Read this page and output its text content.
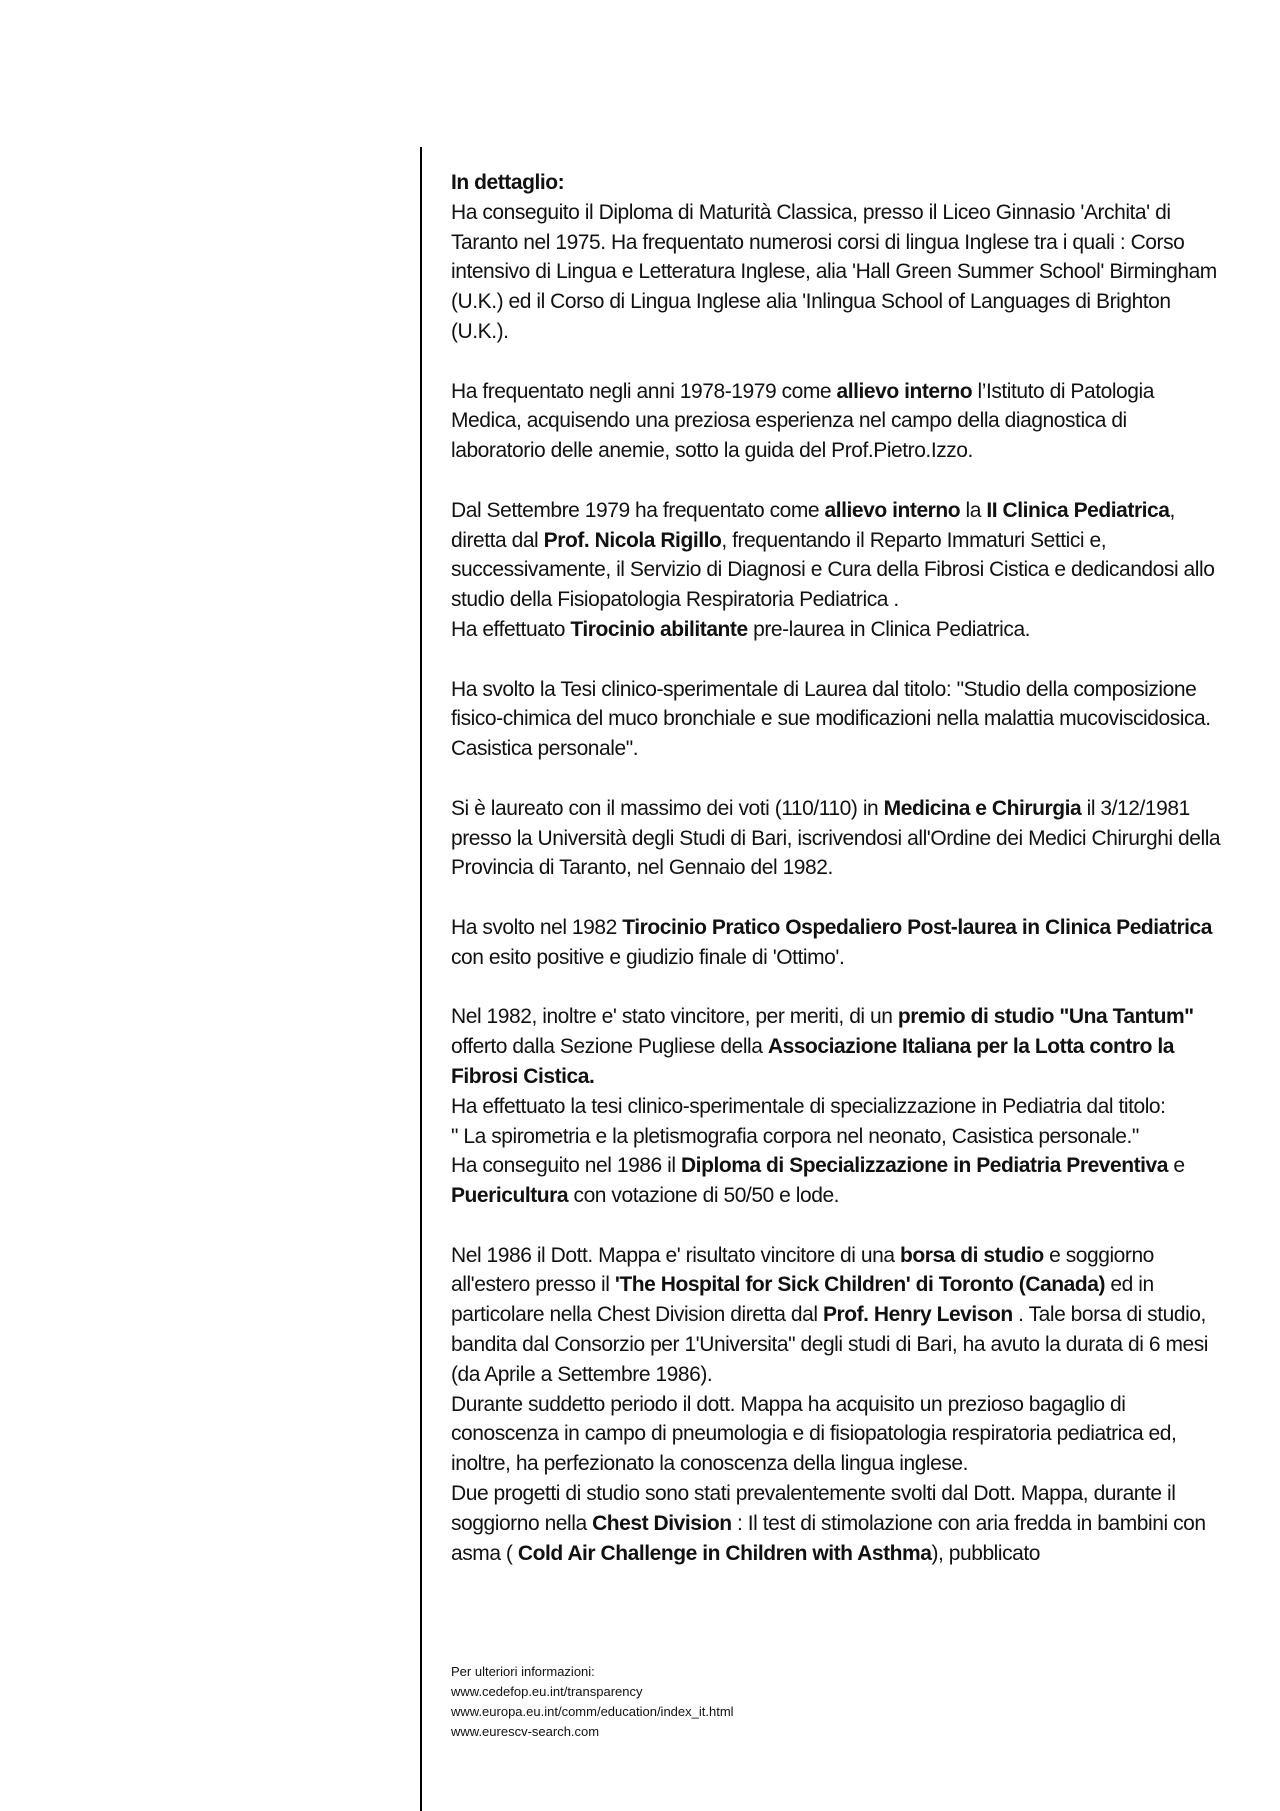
In dettaglio:

Ha conseguito il Diploma di Maturità Classica, presso il Liceo Ginnasio 'Archita' di Taranto nel 1975. Ha frequentato numerosi corsi di lingua Inglese tra i quali : Corso intensivo di Lingua e Letteratura Inglese, alia 'Hall Green Summer School' Birmingham (U.K.) ed il Corso di Lingua Inglese alia 'Inlingua School of Languages di Brighton (U.K.).

Ha frequentato negli anni 1978-1979 come allievo interno l’Istituto di Patologia Medica, acquisendo una preziosa esperienza nel campo della diagnostica di laboratorio delle anemie, sotto la guida del Prof.Pietro.Izzo.

Dal Settembre 1979 ha frequentato come allievo interno la II Clinica Pediatrica, diretta dal Prof. Nicola Rigillo, frequentando il Reparto Immaturi Settici e, successivamente, il Servizio di Diagnosi e Cura della Fibrosi Cistica e dedicandosi allo studio della Fisiopatologia Respiratoria Pediatrica .

Ha effettuato Tirocinio abilitante pre-laurea in Clinica Pediatrica.

Ha svolto la Tesi clinico-sperimentale di Laurea dal titolo: "Studio della composizione fisico-chimica del muco bronchiale e sue modificazioni nella malattia mucoviscidosica. Casistica personale".

Si è laureato con il massimo dei voti (110/110) in Medicina e Chirurgia il 3/12/1981 presso la Università degli Studi di Bari, iscrivendosi all'Ordine dei Medici Chirurghi della Provincia di Taranto, nel Gennaio del 1982.

Ha svolto nel 1982 Tirocinio Pratico Ospedaliero Post-laurea in Clinica Pediatrica con esito positive e giudizio finale di 'Ottimo'.

Nel 1982, inoltre e' stato vincitore, per meriti, di un premio di studio "Una Tantum" offerto dalla Sezione Pugliese della Associazione Italiana per la Lotta contro la Fibrosi Cistica.

Ha effettuato la tesi clinico-sperimentale di specializzazione in Pediatria dal titolo:

" La spirometria e la pletismografia corpora nel neonato, Casistica personale."

Ha conseguito nel 1986 il Diploma di Specializzazione in Pediatria Preventiva e Puericultura con votazione di 50/50 e lode.

Nel 1986 il Dott. Mappa e' risultato vincitore di una borsa di studio e soggiorno all'estero presso il 'The Hospital for Sick Children' di Toronto (Canada) ed in particolare nella Chest Division diretta dal Prof. Henry Levison . Tale borsa di studio, bandita dal Consorzio per 1'Universita" degli studi di Bari, ha avuto la durata di 6 mesi (da Aprile a Settembre 1986).

Durante suddetto periodo il dott. Mappa ha acquisito un prezioso bagaglio di conoscenza in campo di pneumologia e di fisiopatologia respiratoria pediatrica ed, inoltre, ha perfezionato la conoscenza della lingua inglese.

Due progetti di studio sono stati prevalentemente svolti dal Dott. Mappa, durante il soggiorno nella Chest Division : Il test di stimolazione con aria fredda in bambini con asma ( Cold Air Challenge in Children with Asthma), pubblicato

Per ulteriori informazioni:
www.cedefop.eu.int/transparency
www.europa.eu.int/comm/education/index_it.html
www.eurescv-search.com
